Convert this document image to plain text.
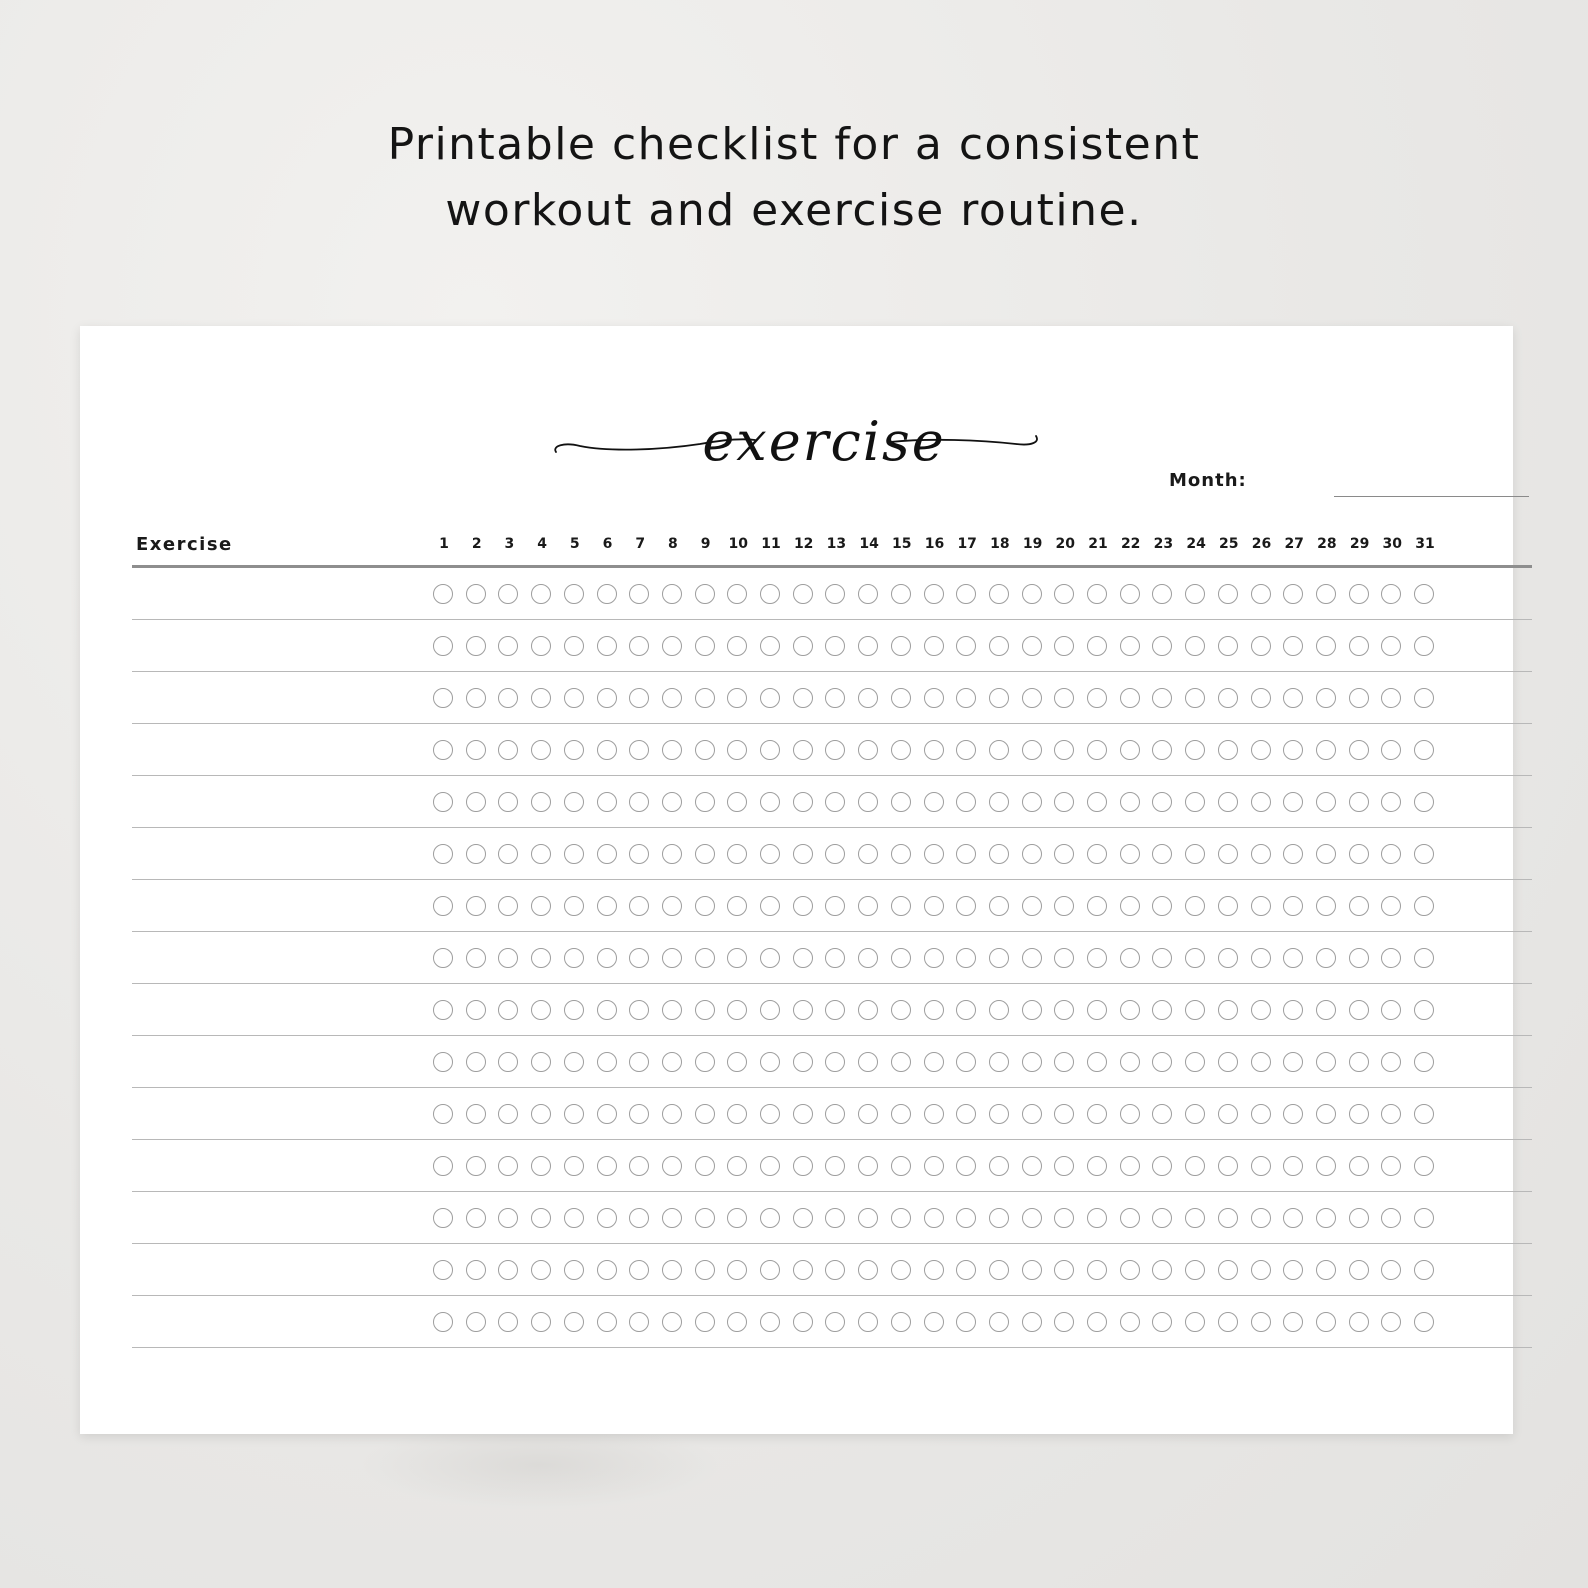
Printable checklist for a consistent
workout and exercise routine.
exercise
Month:
Exercise	1	2	3	4	5	6	7	8	9	10 11 12 13 14 15 16 17 18 19 20 21 22 23 24 25 26 27 28 29 30 31
